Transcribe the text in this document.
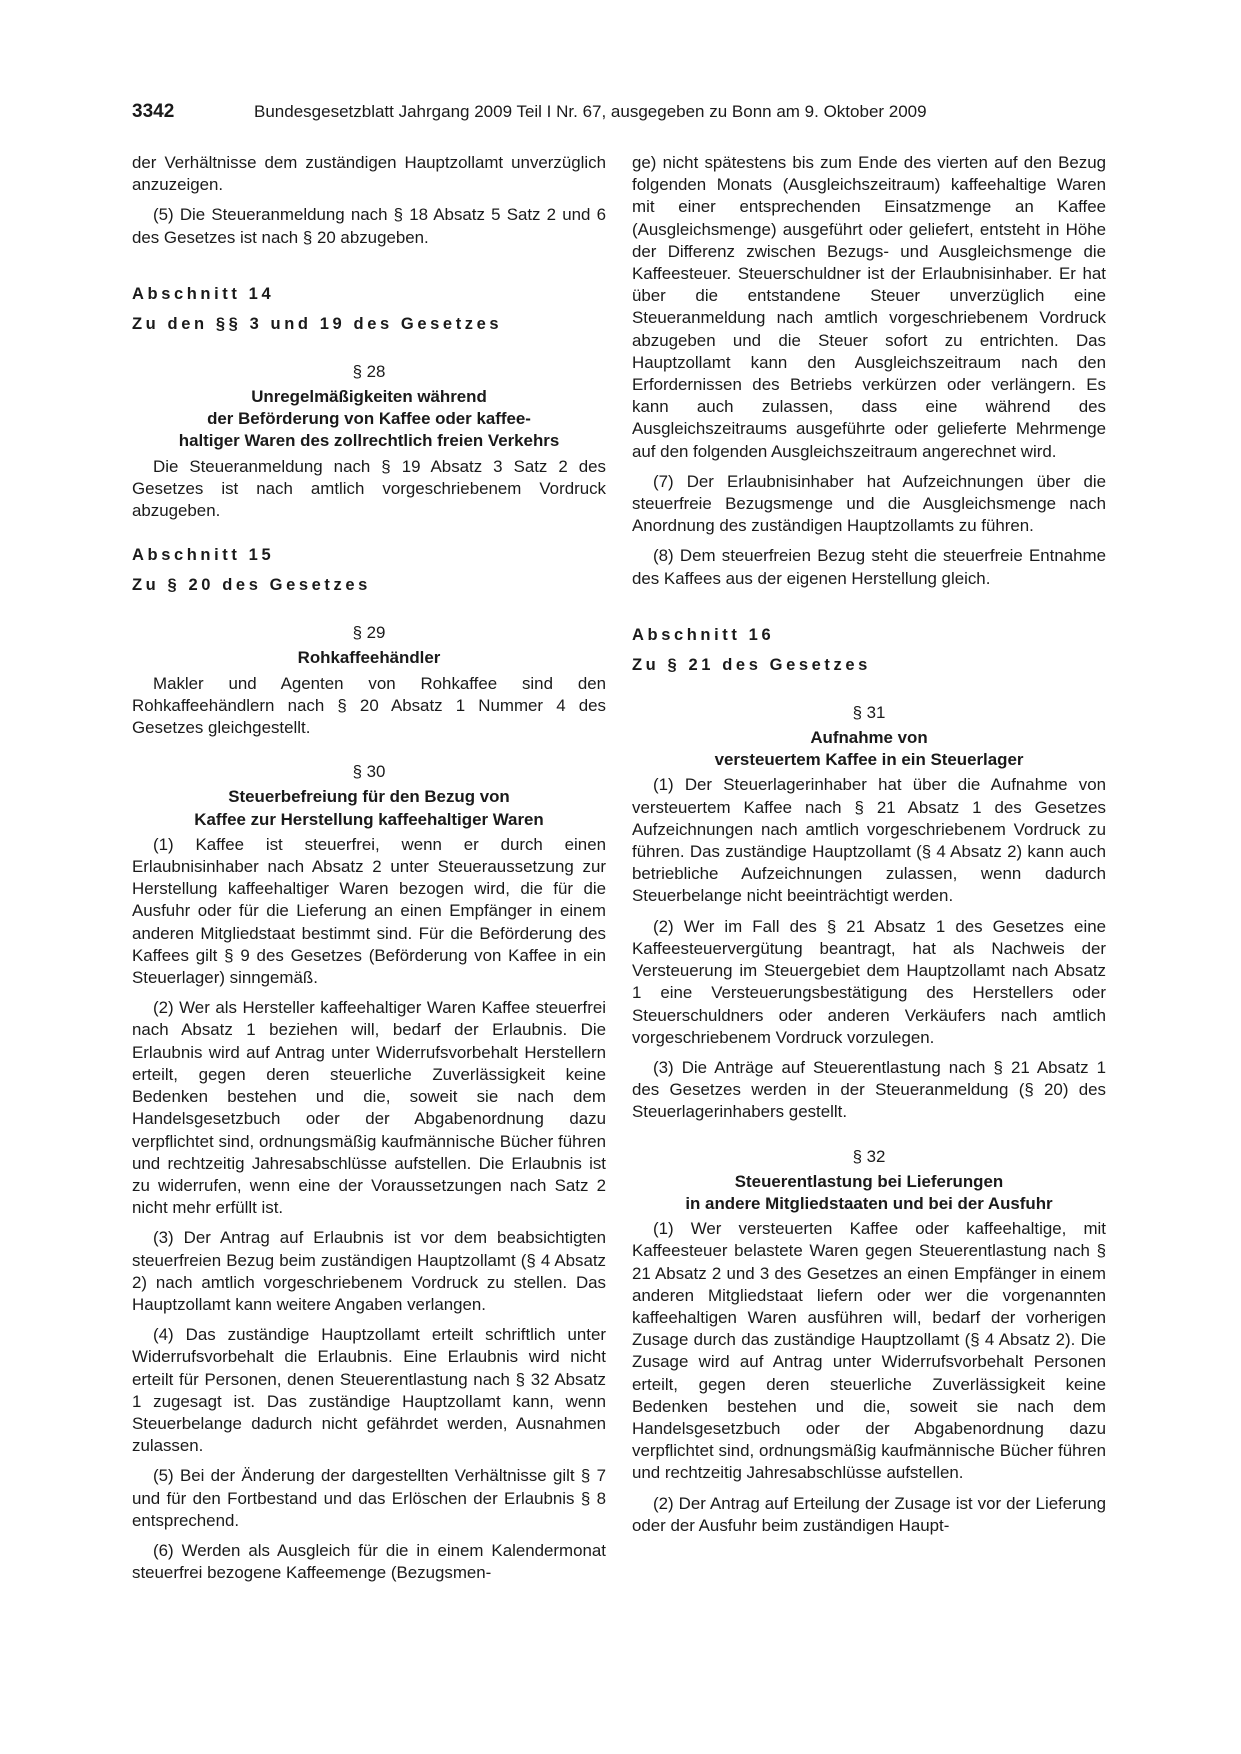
3342	Bundesgesetzblatt Jahrgang 2009 Teil I Nr. 67, ausgegeben zu Bonn am 9. Oktober 2009

der Verhältnisse dem zuständigen Hauptzollamt unverzüglich anzuzeigen.

(5) Die Steueranmeldung nach § 18 Absatz 5 Satz 2 und 6 des Gesetzes ist nach § 20 abzugeben.

Abschnitt 14
Zu den §§ 3 und 19 des Gesetzes
§ 28
Unregelmäßigkeiten während
der Beförderung von Kaffee oder kaffee-
haltiger Waren des zollrechtlich freien Verkehrs

Die Steueranmeldung nach § 19 Absatz 3 Satz 2 des Gesetzes ist nach amtlich vorgeschriebenem Vordruck abzugeben.

Abschnitt 15
Zu § 20 des Gesetzes
§ 29
Rohkaffeehändler

Makler und Agenten von Rohkaffee sind den Rohkaffeehändlern nach § 20 Absatz 1 Nummer 4 des Gesetzes gleichgestellt.

§ 30
Steuerbefreiung für den Bezug von
Kaffee zur Herstellung kaffeehaltiger Waren

(1) Kaffee ist steuerfrei, wenn er durch einen Erlaubnisinhaber nach Absatz 2 unter Steueraussetzung zur Herstellung kaffeehaltiger Waren bezogen wird, die für die Ausfuhr oder für die Lieferung an einen Empfänger in einem anderen Mitgliedstaat bestimmt sind. Für die Beförderung des Kaffees gilt § 9 des Gesetzes (Beförderung von Kaffee in ein Steuerlager) sinngemäß.

(2) Wer als Hersteller kaffeehaltiger Waren Kaffee steuerfrei nach Absatz 1 beziehen will, bedarf der Erlaubnis. Die Erlaubnis wird auf Antrag unter Widerrufsvorbehalt Herstellern erteilt, gegen deren steuerliche Zuverlässigkeit keine Bedenken bestehen und die, soweit sie nach dem Handelsgesetzbuch oder der Abgabenordnung dazu verpflichtet sind, ordnungsmäßig kaufmännische Bücher führen und rechtzeitig Jahresabschlüsse aufstellen. Die Erlaubnis ist zu widerrufen, wenn eine der Voraussetzungen nach Satz 2 nicht mehr erfüllt ist.

(3) Der Antrag auf Erlaubnis ist vor dem beabsichtigten steuerfreien Bezug beim zuständigen Hauptzollamt (§ 4 Absatz 2) nach amtlich vorgeschriebenem Vordruck zu stellen. Das Hauptzollamt kann weitere Angaben verlangen.

(4) Das zuständige Hauptzollamt erteilt schriftlich unter Widerrufsvorbehalt die Erlaubnis. Eine Erlaubnis wird nicht erteilt für Personen, denen Steuerentlastung nach § 32 Absatz 1 zugesagt ist. Das zuständige Hauptzollamt kann, wenn Steuerbelange dadurch nicht gefährdet werden, Ausnahmen zulassen.

(5) Bei der Änderung der dargestellten Verhältnisse gilt § 7 und für den Fortbestand und das Erlöschen der Erlaubnis § 8 entsprechend.

(6) Werden als Ausgleich für die in einem Kalendermonat steuerfrei bezogene Kaffeemenge (Bezugsmen-

ge) nicht spätestens bis zum Ende des vierten auf den Bezug folgenden Monats (Ausgleichszeitraum) kaffeehaltige Waren mit einer entsprechenden Einsatzmenge an Kaffee (Ausgleichsmenge) ausgeführt oder geliefert, entsteht in Höhe der Differenz zwischen Bezugs- und Ausgleichsmenge die Kaffeesteuer. Steuerschuldner ist der Erlaubnisinhaber. Er hat über die entstandene Steuer unverzüglich eine Steueranmeldung nach amtlich vorgeschriebenem Vordruck abzugeben und die Steuer sofort zu entrichten. Das Hauptzollamt kann den Ausgleichszeitraum nach den Erfordernissen des Betriebs verkürzen oder verlängern. Es kann auch zulassen, dass eine während des Ausgleichszeitraums ausgeführte oder gelieferte Mehrmenge auf den folgenden Ausgleichszeitraum angerechnet wird.

(7) Der Erlaubnisinhaber hat Aufzeichnungen über die steuerfreie Bezugsmenge und die Ausgleichsmenge nach Anordnung des zuständigen Hauptzollamts zu führen.

(8) Dem steuerfreien Bezug steht die steuerfreie Entnahme des Kaffees aus der eigenen Herstellung gleich.

Abschnitt 16
Zu § 21 des Gesetzes
§ 31
Aufnahme von
versteuertem Kaffee in ein Steuerlager

(1) Der Steuerlagerinhaber hat über die Aufnahme von versteuertem Kaffee nach § 21 Absatz 1 des Gesetzes Aufzeichnungen nach amtlich vorgeschriebenem Vordruck zu führen. Das zuständige Hauptzollamt (§ 4 Absatz 2) kann auch betriebliche Aufzeichnungen zulassen, wenn dadurch Steuerbelange nicht beeinträchtigt werden.

(2) Wer im Fall des § 21 Absatz 1 des Gesetzes eine Kaffeesteuervergütung beantragt, hat als Nachweis der Versteuerung im Steuergebiet dem Hauptzollamt nach Absatz 1 eine Versteuerungsbestätigung des Herstellers oder Steuerschuldners oder anderen Verkäufers nach amtlich vorgeschriebenem Vordruck vorzulegen.

(3) Die Anträge auf Steuerentlastung nach § 21 Absatz 1 des Gesetzes werden in der Steueranmeldung (§ 20) des Steuerlagerinhabers gestellt.

§ 32
Steuerentlastung bei Lieferungen
in andere Mitgliedstaaten und bei der Ausfuhr

(1) Wer versteuerten Kaffee oder kaffeehaltige, mit Kaffeesteuer belastete Waren gegen Steuerentlastung nach § 21 Absatz 2 und 3 des Gesetzes an einen Empfänger in einem anderen Mitgliedstaat liefern oder wer die vorgenannten kaffeehaltigen Waren ausführen will, bedarf der vorherigen Zusage durch das zuständige Hauptzollamt (§ 4 Absatz 2). Die Zusage wird auf Antrag unter Widerrufsvorbehalt Personen erteilt, gegen deren steuerliche Zuverlässigkeit keine Bedenken bestehen und die, soweit sie nach dem Handelsgesetzbuch oder der Abgabenordnung dazu verpflichtet sind, ordnungsmäßig kaufmännische Bücher führen und rechtzeitig Jahresabschlüsse aufstellen.

(2) Der Antrag auf Erteilung der Zusage ist vor der Lieferung oder der Ausfuhr beim zuständigen Haupt-
